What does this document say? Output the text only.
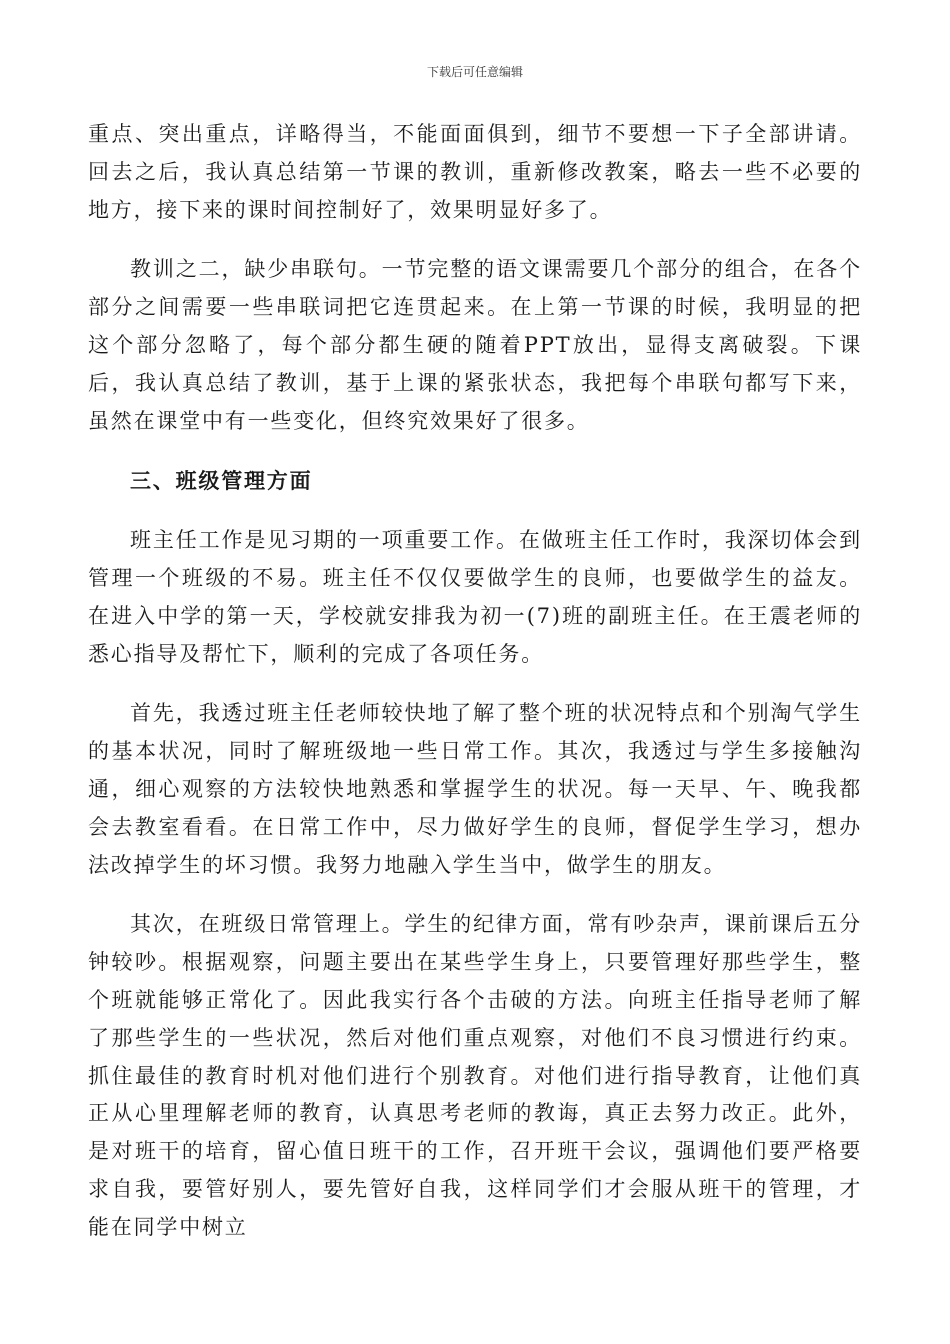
下载后可任意编辑

重点、突出重点，详略得当，不能面面俱到，细节不要想一下子全部讲请。回去之后，我认真总结第一节课的教训，重新修改教案，略去一些不必要的地方，接下来的课时间控制好了，效果明显好多了。

教训之二，缺少串联句。一节完整的语文课需要几个部分的组合，在各个部分之间需要一些串联词把它连贯起来。在上第一节课的时候，我明显的把这个部分忽略了，每个部分都生硬的随着PPT放出，显得支离破裂。下课后，我认真总结了教训，基于上课的紧张状态，我把每个串联句都写下来，虽然在课堂中有一些变化，但终究效果好了很多。

三、班级管理方面

班主任工作是见习期的一项重要工作。在做班主任工作时，我深切体会到管理一个班级的不易。班主任不仅仅要做学生的良师，也要做学生的益友。在进入中学的第一天，学校就安排我为初一(7)班的副班主任。在王震老师的悉心指导及帮忙下，顺利的完成了各项任务。

首先，我透过班主任老师较快地了解了整个班的状况特点和个别淘气学生的基本状况，同时了解班级地一些日常工作。其次，我透过与学生多接触沟通，细心观察的方法较快地熟悉和掌握学生的状况。每一天早、午、晚我都会去教室看看。在日常工作中，尽力做好学生的良师，督促学生学习，想办法改掉学生的坏习惯。我努力地融入学生当中，做学生的朋友。

其次，在班级日常管理上。学生的纪律方面，常有吵杂声，课前课后五分钟较吵。根据观察，问题主要出在某些学生身上，只要管理好那些学生，整个班就能够正常化了。因此我实行各个击破的方法。向班主任指导老师了解了那些学生的一些状况，然后对他们重点观察，对他们不良习惯进行约束。抓住最佳的教育时机对他们进行个别教育。对他们进行指导教育，让他们真正从心里理解老师的教育，认真思考老师的教诲，真正去努力改正。此外，是对班干的培育，留心值日班干的工作，召开班干会议，强调他们要严格要求自我，要管好别人，要先管好自我，这样同学们才会服从班干的管理，才能在同学中树立
